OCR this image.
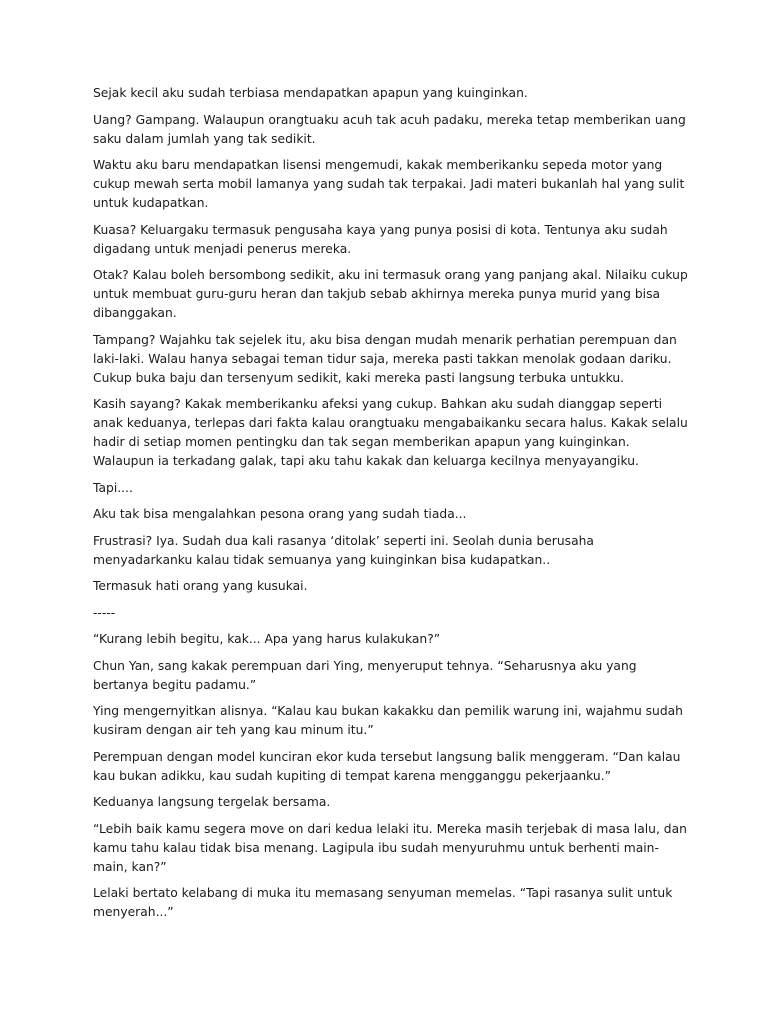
Sejak kecil aku sudah terbiasa mendapatkan apapun yang kuinginkan.

Uang? Gampang. Walaupun orangtuaku acuh tak acuh padaku, mereka tetap memberikan uang saku dalam jumlah yang tak sedikit.

Waktu aku baru mendapatkan lisensi mengemudi, kakak memberikanku sepeda motor yang cukup mewah serta mobil lamanya yang sudah tak terpakai. Jadi materi bukanlah hal yang sulit untuk kudapatkan.

Kuasa? Keluargaku termasuk pengusaha kaya yang punya posisi di kota. Tentunya aku sudah digadang untuk menjadi penerus mereka.

Otak? Kalau boleh bersombong sedikit, aku ini termasuk orang yang panjang akal. Nilaiku cukup untuk membuat guru-guru heran dan takjub sebab akhirnya mereka punya murid yang bisa dibanggakan.

Tampang? Wajahku tak sejelek itu, aku bisa dengan mudah menarik perhatian perempuan dan laki-laki. Walau hanya sebagai teman tidur saja, mereka pasti takkan menolak godaan dariku. Cukup buka baju dan tersenyum sedikit, kaki mereka pasti langsung terbuka untukku.

Kasih sayang? Kakak memberikanku afeksi yang cukup. Bahkan aku sudah dianggap seperti anak keduanya, terlepas dari fakta kalau orangtuaku mengabaikanku secara halus. Kakak selalu hadir di setiap momen pentingku dan tak segan memberikan apapun yang kuinginkan. Walaupun ia terkadang galak, tapi aku tahu kakak dan keluarga kecilnya menyayangiku.

Tapi....

Aku tak bisa mengalahkan pesona orang yang sudah tiada...

Frustrasi? Iya. Sudah dua kali rasanya ‘ditolak’ seperti ini. Seolah dunia berusaha menyadarkanku kalau tidak semuanya yang kuinginkan bisa kudapatkan..

Termasuk hati orang yang kusukai.

-----

“Kurang lebih begitu, kak... Apa yang harus kulakukan?”

Chun Yan, sang kakak perempuan dari Ying, menyeruput tehnya. “Seharusnya aku yang bertanya begitu padamu.”

Ying mengernyitkan alisnya. “Kalau kau bukan kakakku dan pemilik warung ini, wajahmu sudah kusiram dengan air teh yang kau minum itu.”

Perempuan dengan model kunciran ekor kuda tersebut langsung balik menggeram. “Dan kalau kau bukan adikku, kau sudah kupiting di tempat karena mengganggu pekerjaanku.”

Keduanya langsung tergelak bersama.

“Lebih baik kamu segera move on dari kedua lelaki itu. Mereka masih terjebak di masa lalu, dan kamu tahu kalau tidak bisa menang. Lagipula ibu sudah menyuruhmu untuk berhenti main-main, kan?”

Lelaki bertato kelabang di muka itu memasang senyuman memelas. “Tapi rasanya sulit untuk menyerah...”
